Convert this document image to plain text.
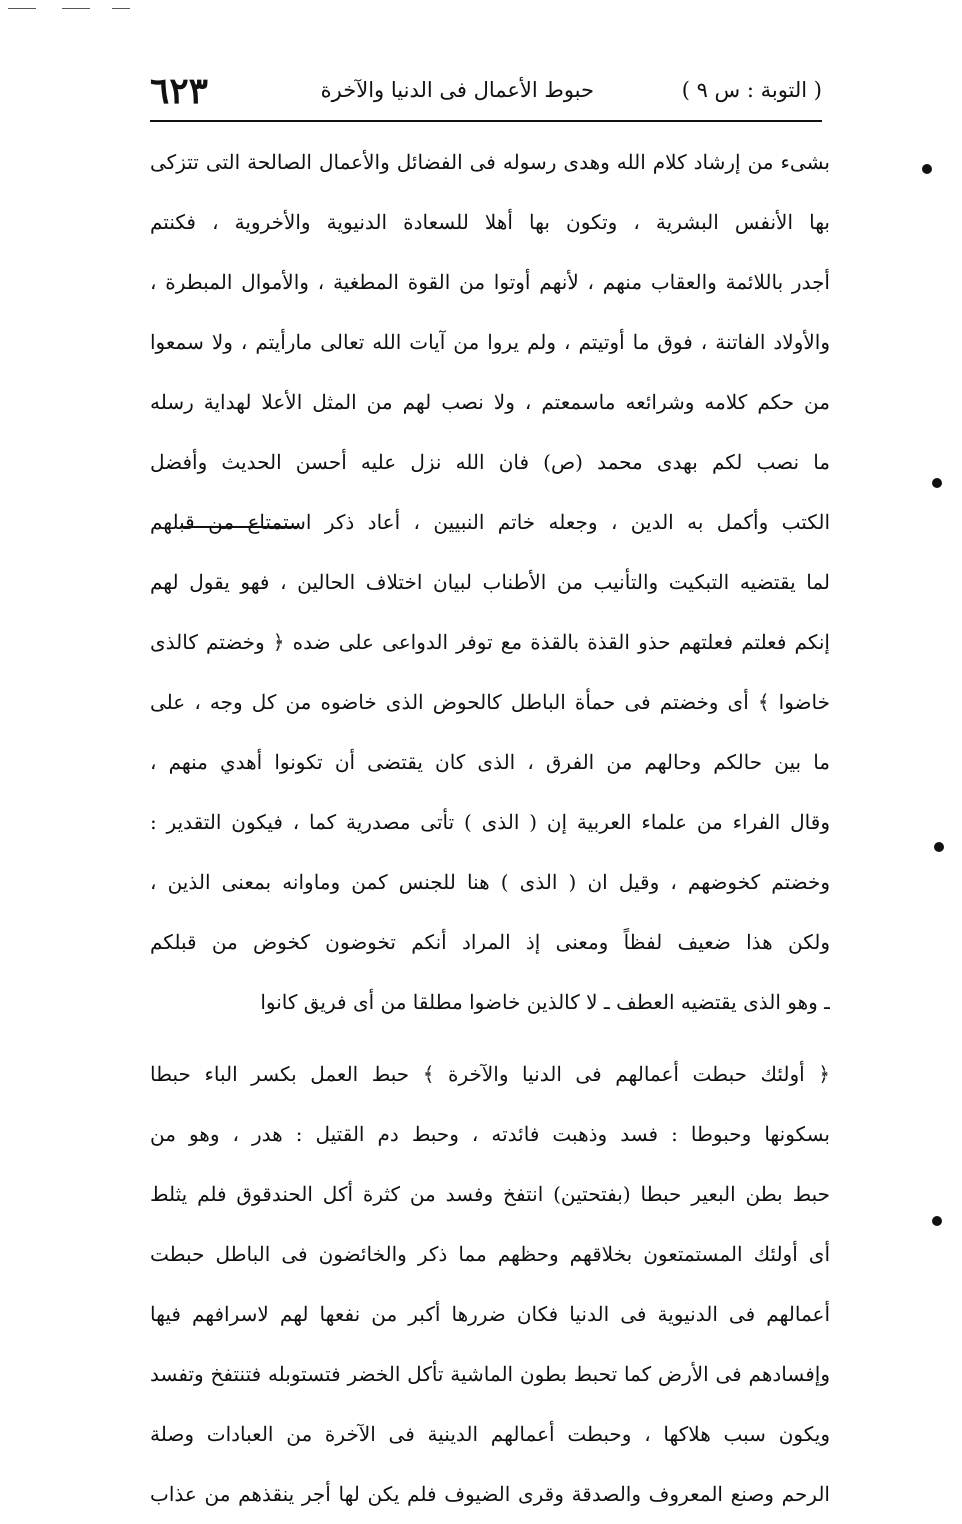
( التوبة : س ٩ )
حبوط الأعمال فى الدنيا والآخرة
٦٢٣
بشىء من إرشاد كلام الله وهدى رسوله فى الفضائل والأعمال الصالحة التى تتزكى
بها الأنفس البشرية ، وتكون بها أهلا للسعادة الدنيوية والأخروية ، فكنتم
أجدر باللائمة والعقاب منهم ، لأنهم أوتوا من القوة المطغية ، والأموال المبطرة ،
والأولاد الفاتنة ، فوق ما أوتيتم ، ولم يروا من آيات الله تعالى مارأيتم ، ولا سمعوا
من حكم كلامه وشرائعه ماسمعتم ، ولا نصب لهم من المثل الأعلا لهداية رسله
ما نصب لكم بهدى محمد (ص) فان الله نزل عليه أحسن الحديث وأفضل
الكتب وأكمل به الدين ، وجعله خاتم النبيين ، أعاد ذكر استمتاع من قبلهم
لما يقتضيه التبكيت والتأنيب من الأطناب لبيان اختلاف الحالين ، فهو يقول لهم
إنكم فعلتم فعلتهم حذو القذة بالقذة مع توفر الدواعى على ضده ﴿ وخضتم كالذى
خاضوا ﴾ أى وخضتم فى حمأة الباطل كالحوض الذى خاضوه من كل وجه ، على
ما بين حالكم وحالهم من الفرق ، الذى كان يقتضى أن تكونوا أهدي منهم ،
وقال الفراء من علماء العربية إن ( الذى ) تأتى مصدرية كما ، فيكون التقدير :
وخضتم كخوضهم ، وقيل ان ( الذى ) هنا للجنس كمن وماوانه بمعنى الذين ،
ولكن هذا ضعيف لفظاً ومعنى إذ المراد أنكم تخوضون كخوض من قبلكم
ـ وهو الذى يقتضيه العطف ـ لا كالذين خاضوا مطلقا من أى فريق كانوا
﴿ أولئك حبطت أعمالهم فى الدنيا والآخرة ﴾ حبط العمل بكسر الباء حبطا
بسكونها وحبوطا : فسد وذهبت فائدته ، وحبط دم القتيل : هدر ، وهو من
حبط بطن البعير حبطا (بفتحتين) انتفخ وفسد من كثرة أكل الحندقوق فلم يثلط
أى أولئك المستمتعون بخلاقهم وحظهم مما ذكر والخائضون فى الباطل حبطت
أعمالهم فى الدنيوية فى الدنيا فكان ضررها أكبر من نفعها لهم لاسرافهم فيها
وإفسادهم فى الأرض كما تحبط بطون الماشية تأكل الخضر فتستوبله فتنتفخ وتفسد
ويكون سبب هلاكها ، وحبطت أعمالهم الدينية فى الآخرة من العبادات وصلة
الرحم وصنع المعروف والصدقة وقرى الضيوف فلم يكن لها أجر ينقذهم من عذاب
